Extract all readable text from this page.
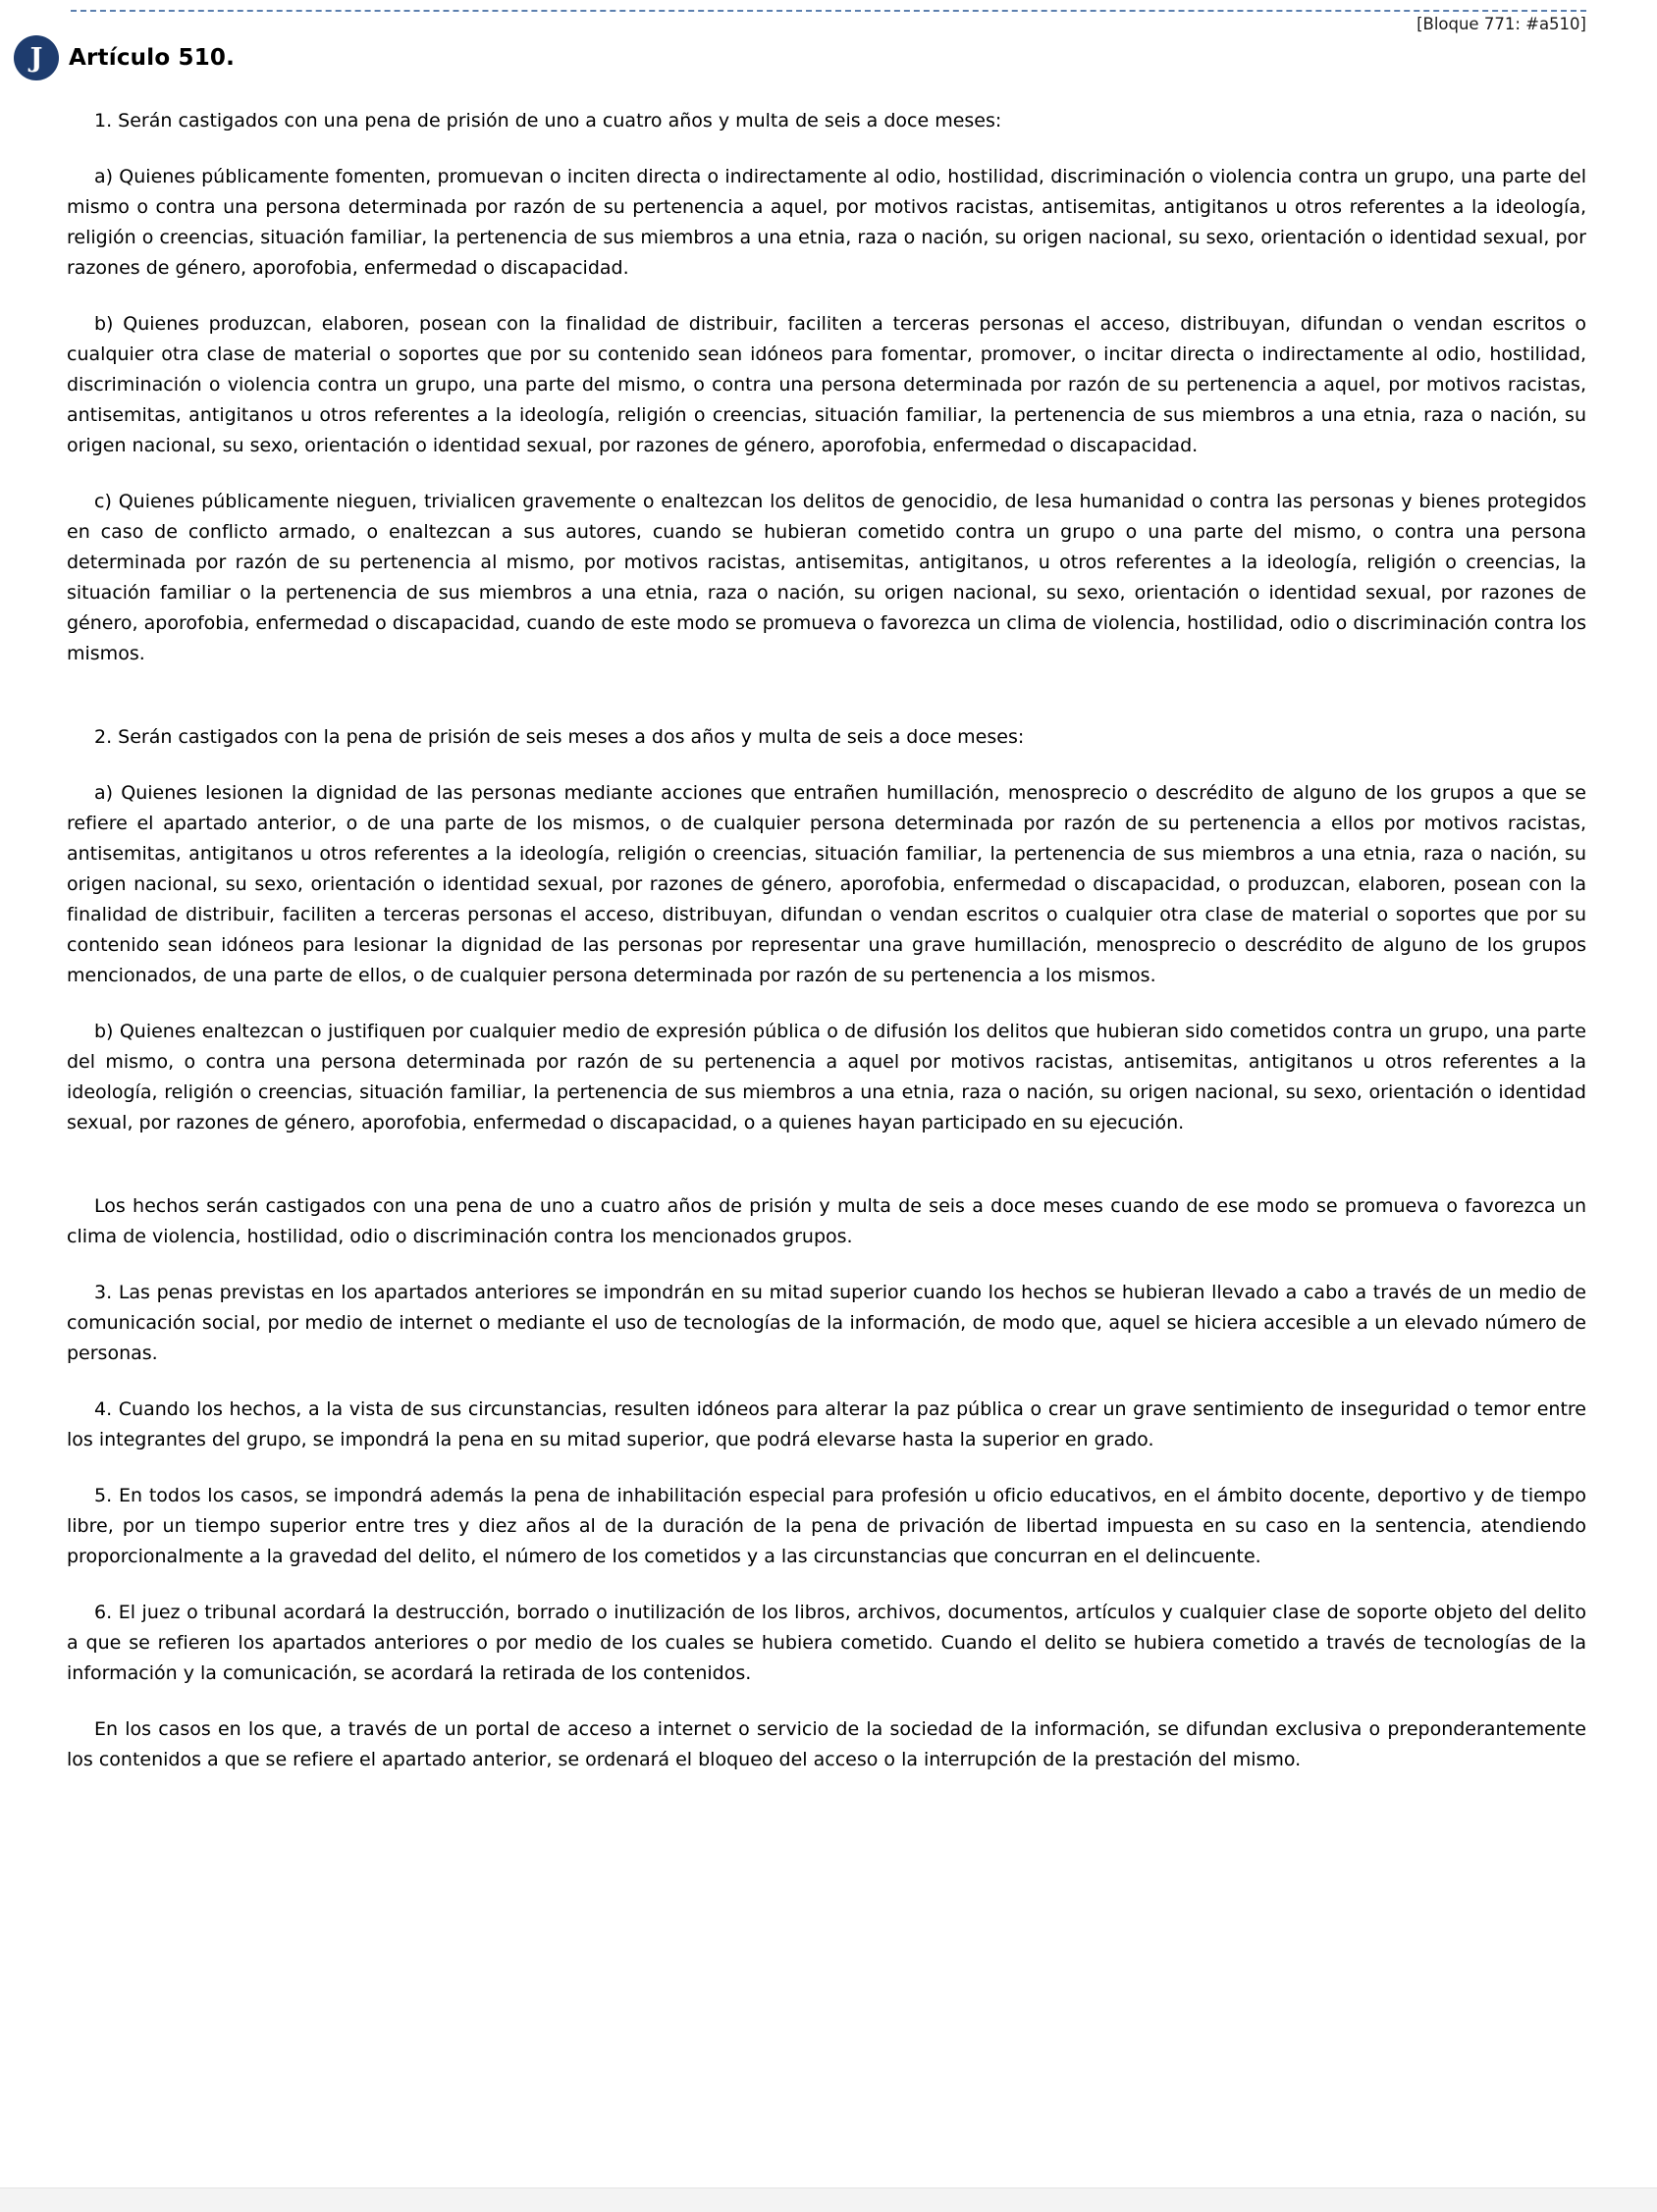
[Bloque 771: #a510]
J Artículo 510.

1. Serán castigados con una pena de prisión de uno a cuatro años y multa de seis a doce meses:

a) Quienes públicamente fomenten, promuevan o inciten directa o indirectamente al odio, hostilidad, discriminación o violencia contra un grupo, una parte del mismo o contra una persona determinada por razón de su pertenencia a aquel, por motivos racistas, antisemitas, antigitanos u otros referentes a la ideología, religión o creencias, situación familiar, la pertenencia de sus miembros a una etnia, raza o nación, su origen nacional, su sexo, orientación o identidad sexual, por razones de género, aporofobia, enfermedad o discapacidad.

b) Quienes produzcan, elaboren, posean con la finalidad de distribuir, faciliten a terceras personas el acceso, distribuyan, difundan o vendan escritos o cualquier otra clase de material o soportes que por su contenido sean idóneos para fomentar, promover, o incitar directa o indirectamente al odio, hostilidad, discriminación o violencia contra un grupo, una parte del mismo, o contra una persona determinada por razón de su pertenencia a aquel, por motivos racistas, antisemitas, antigitanos u otros referentes a la ideología, religión o creencias, situación familiar, la pertenencia de sus miembros a una etnia, raza o nación, su origen nacional, su sexo, orientación o identidad sexual, por razones de género, aporofobia, enfermedad o discapacidad.

c) Quienes públicamente nieguen, trivialicen gravemente o enaltezcan los delitos de genocidio, de lesa humanidad o contra las personas y bienes protegidos en caso de conflicto armado, o enaltezcan a sus autores, cuando se hubieran cometido contra un grupo o una parte del mismo, o contra una persona determinada por razón de su pertenencia al mismo, por motivos racistas, antisemitas, antigitanos, u otros referentes a la ideología, religión o creencias, la situación familiar o la pertenencia de sus miembros a una etnia, raza o nación, su origen nacional, su sexo, orientación o identidad sexual, por razones de género, aporofobia, enfermedad o discapacidad, cuando de este modo se promueva o favorezca un clima de violencia, hostilidad, odio o discriminación contra los mismos.

2. Serán castigados con la pena de prisión de seis meses a dos años y multa de seis a doce meses:

a) Quienes lesionen la dignidad de las personas mediante acciones que entrañen humillación, menosprecio o descrédito de alguno de los grupos a que se refiere el apartado anterior, o de una parte de los mismos, o de cualquier persona determinada por razón de su pertenencia a ellos por motivos racistas, antisemitas, antigitanos u otros referentes a la ideología, religión o creencias, situación familiar, la pertenencia de sus miembros a una etnia, raza o nación, su origen nacional, su sexo, orientación o identidad sexual, por razones de género, aporofobia, enfermedad o discapacidad, o produzcan, elaboren, posean con la finalidad de distribuir, faciliten a terceras personas el acceso, distribuyan, difundan o vendan escritos o cualquier otra clase de material o soportes que por su contenido sean idóneos para lesionar la dignidad de las personas por representar una grave humillación, menosprecio o descrédito de alguno de los grupos mencionados, de una parte de ellos, o de cualquier persona determinada por razón de su pertenencia a los mismos.

b) Quienes enaltezcan o justifiquen por cualquier medio de expresión pública o de difusión los delitos que hubieran sido cometidos contra un grupo, una parte del mismo, o contra una persona determinada por razón de su pertenencia a aquel por motivos racistas, antisemitas, antigitanos u otros referentes a la ideología, religión o creencias, situación familiar, la pertenencia de sus miembros a una etnia, raza o nación, su origen nacional, su sexo, orientación o identidad sexual, por razones de género, aporofobia, enfermedad o discapacidad, o a quienes hayan participado en su ejecución.

Los hechos serán castigados con una pena de uno a cuatro años de prisión y multa de seis a doce meses cuando de ese modo se promueva o favorezca un clima de violencia, hostilidad, odio o discriminación contra los mencionados grupos.

3. Las penas previstas en los apartados anteriores se impondrán en su mitad superior cuando los hechos se hubieran llevado a cabo a través de un medio de comunicación social, por medio de internet o mediante el uso de tecnologías de la información, de modo que, aquel se hiciera accesible a un elevado número de personas.

4. Cuando los hechos, a la vista de sus circunstancias, resulten idóneos para alterar la paz pública o crear un grave sentimiento de inseguridad o temor entre los integrantes del grupo, se impondrá la pena en su mitad superior, que podrá elevarse hasta la superior en grado.

5. En todos los casos, se impondrá además la pena de inhabilitación especial para profesión u oficio educativos, en el ámbito docente, deportivo y de tiempo libre, por un tiempo superior entre tres y diez años al de la duración de la pena de privación de libertad impuesta en su caso en la sentencia, atendiendo proporcionalmente a la gravedad del delito, el número de los cometidos y a las circunstancias que concurran en el delincuente.

6. El juez o tribunal acordará la destrucción, borrado o inutilización de los libros, archivos, documentos, artículos y cualquier clase de soporte objeto del delito a que se refieren los apartados anteriores o por medio de los cuales se hubiera cometido. Cuando el delito se hubiera cometido a través de tecnologías de la información y la comunicación, se acordará la retirada de los contenidos.

En los casos en los que, a través de un portal de acceso a internet o servicio de la sociedad de la información, se difundan exclusiva o preponderantemente los contenidos a que se refiere el apartado anterior, se ordenará el bloqueo del acceso o la interrupción de la prestación del mismo.
